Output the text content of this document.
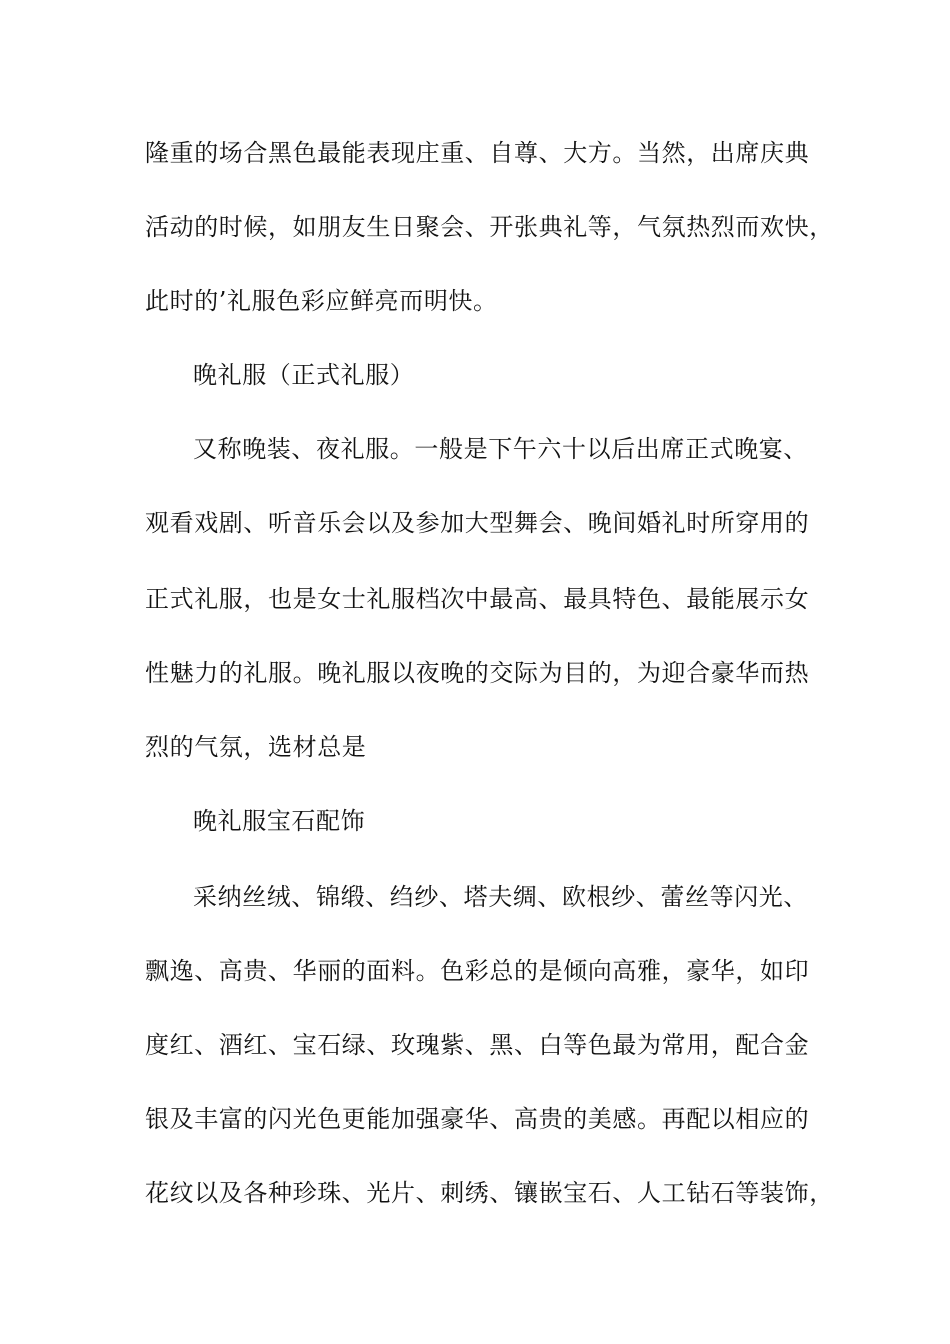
隆重的场合黑色最能表现庄重、自尊、大方。当然，出席庆典
活动的时候，如朋友生日聚会、开张典礼等，气氛热烈而欢快，
此时的’礼服色彩应鲜亮而明快。
晚礼服（正式礼服）
又称晚装、夜礼服。一般是下午六十以后出席正式晚宴、
观看戏剧、听音乐会以及参加大型舞会、晚间婚礼时所穿用的
正式礼服，也是女士礼服档次中最高、最具特色、最能展示女
性魅力的礼服。晚礼服以夜晚的交际为目的，为迎合豪华而热
烈的气氛，选材总是
晚礼服宝石配饰
采纳丝绒、锦缎、绉纱、塔夫绸、欧根纱、蕾丝等闪光、
飘逸、高贵、华丽的面料。色彩总的是倾向高雅，豪华，如印
度红、酒红、宝石绿、玫瑰紫、黑、白等色最为常用，配合金
银及丰富的闪光色更能加强豪华、高贵的美感。再配以相应的
花纹以及各种珍珠、光片、刺绣、镶嵌宝石、人工钻石等装饰，
